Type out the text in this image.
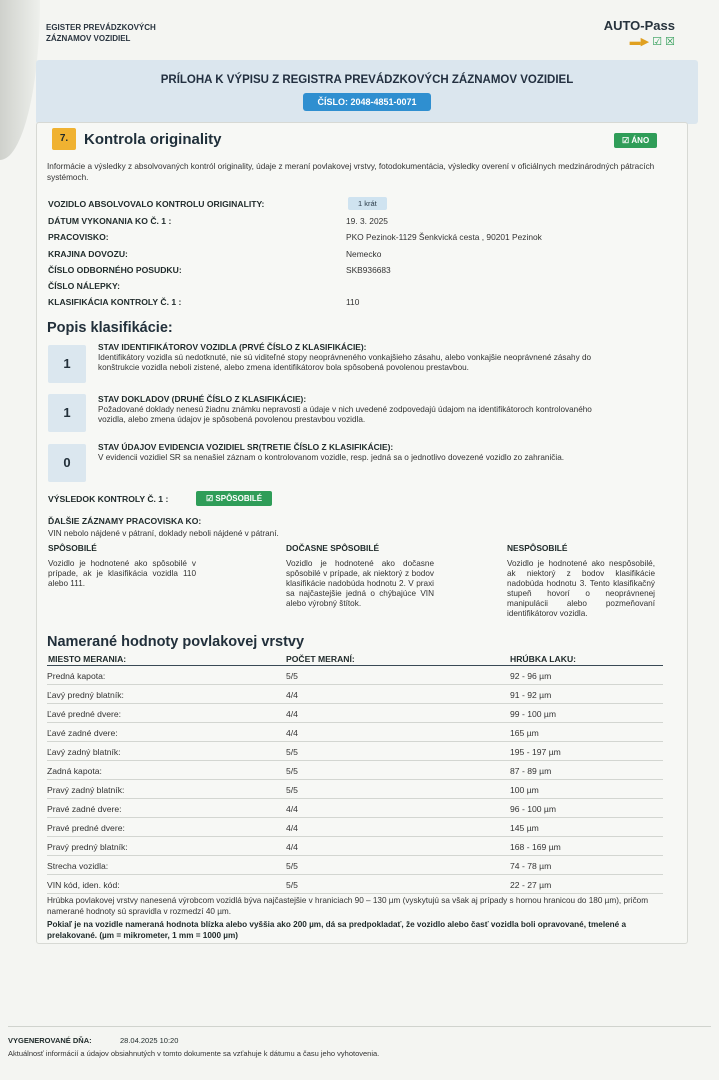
EGISTER PREVÁDZKOVÝCH
ZÁZNAMOV VOZIDIEL
AUTO-Pass
▬▶ ☑ ☒
PRÍLOHA K VÝPISU Z REGISTRA PREVÁDZKOVÝCH ZÁZNAMOV VOZIDIEL
ČÍSLO: 2048-4851-0071
7.	Kontrola originality	☑ ÁNO
Informácie a výsledky z absolvovaných kontról originality, údaje z meraní povlakovej vrstvy, fotodokumentácia, výsledky overení v oficiálnych medzinárodných pátracích systémoch.
VOZIDLO ABSOLVOVALO KONTROLU ORIGINALITY:	1 krát
DÁTUM VYKONANIA KO Č. 1 :	19. 3. 2025
PRACOVISKO:	PKO Pezinok-1129 Šenkvická cesta , 90201 Pezinok
KRAJINA DOVOZU:	Nemecko
ČÍSLO ODBORNÉHO POSUDKU:	SKB936683
ČÍSLO NÁLEPKY:
KLASIFIKÁCIA KONTROLY Č. 1 :	110
Popis klasifikácie:
1
STAV IDENTIFIKÁTOROV VOZIDLA (PRVÉ ČÍSLO Z KLASIFIKÁCIE):
Identifikátory vozidla sú nedotknuté, nie sú viditeľné stopy neoprávneného vonkajšieho zásahu, alebo vonkajšie neoprávnené zásahy do konštrukcie vozidla neboli zistené, alebo zmena identifikátorov bola spôsobená povolenou prestavbou.
1
STAV DOKLADOV (DRUHÉ ČÍSLO Z KLASIFIKÁCIE):
Požadované doklady nenesú žiadnu známku nepravosti a údaje v nich uvedené zodpovedajú údajom na identifikátoroch kontrolovaného vozidla, alebo zmena údajov je spôsobená povolenou prestavbou vozidla.
0
STAV ÚDAJOV EVIDENCIA VOZIDIEL SR(TRETIE ČÍSLO Z KLASIFIKÁCIE):
V evidencii vozidiel SR sa nenašiel záznam o kontrolovanom vozidle, resp. jedná sa o jednotlivo dovezené vozidlo zo zahraničia.
VÝSLEDOK KONTROLY Č. 1 :	☑ SPÔSOBILÉ
ĎALŠIE ZÁZNAMY PRACOVISKA KO:
VIN nebolo nájdené v pátraní, doklady neboli nájdené v pátraní.
SPÔSOBILÉ
Vozidlo je hodnotené ako spôsobilé v prípade, ak je klasifikácia vozidla 110 alebo 111.
DOČASNE SPÔSOBILÉ
Vozidlo je hodnotené ako dočasne spôsobilé v prípade, ak niektorý z bodov klasifikácie nadobúda hodnotu 2. V praxi sa najčastejšie jedná o chýbajúce VIN alebo výrobný štítok.
NESPÔSOBILÉ
Vozidlo je hodnotené ako nespôsobilé, ak niektorý z bodov klasifikácie nadobúda hodnotu 3. Tento klasifikačný stupeň hovorí o neoprávnenej manipulácii alebo pozmeňovaní identifikátorov vozidla.
Namerané hodnoty povlakovej vrstvy
MIESTO MERANIA:	POČET MERANÍ:	HRÚBKA LAKU:
Predná kapota:	5/5	92 - 96 µm
Ľavý predný blatník:	4/4	91 - 92 µm
Ľavé predné dvere:	4/4	99 - 100 µm
Ľavé zadné dvere:	4/4	165 µm
Ľavý zadný blatník:	5/5	195 - 197 µm
Zadná kapota:	5/5	87 - 89 µm
Pravý zadný blatník:	5/5	100 µm
Pravé zadné dvere:	4/4	96 - 100 µm
Pravé predné dvere:	4/4	145 µm
Pravý predný blatník:	4/4	168 - 169 µm
Strecha vozidla:	5/5	74 - 78 µm
VIN kód, iden. kód:	5/5	22 - 27 µm
Hrúbka povlakovej vrstvy nanesená výrobcom vozidlá býva najčastejšie v hraniciach 90 – 130 µm (vyskytujú sa však aj prípady s hornou hranicou do 180 µm), pričom namerané hodnoty sú spravidla v rozmedzí 40 µm.
Pokiaľ je na vozidle nameraná hodnota blízka alebo vyššia ako 200 µm, dá sa predpokladať, že vozidlo alebo časť vozidla boli opravované, tmelené a prelakované. (µm = mikrometer, 1 mm = 1000 µm)
VYGENEROVANÉ DŇA:	28.04.2025 10:20
Aktuálnosť informácií a údajov obsiahnutých v tomto dokumente sa vzťahuje k dátumu a času jeho vyhotovenia.
